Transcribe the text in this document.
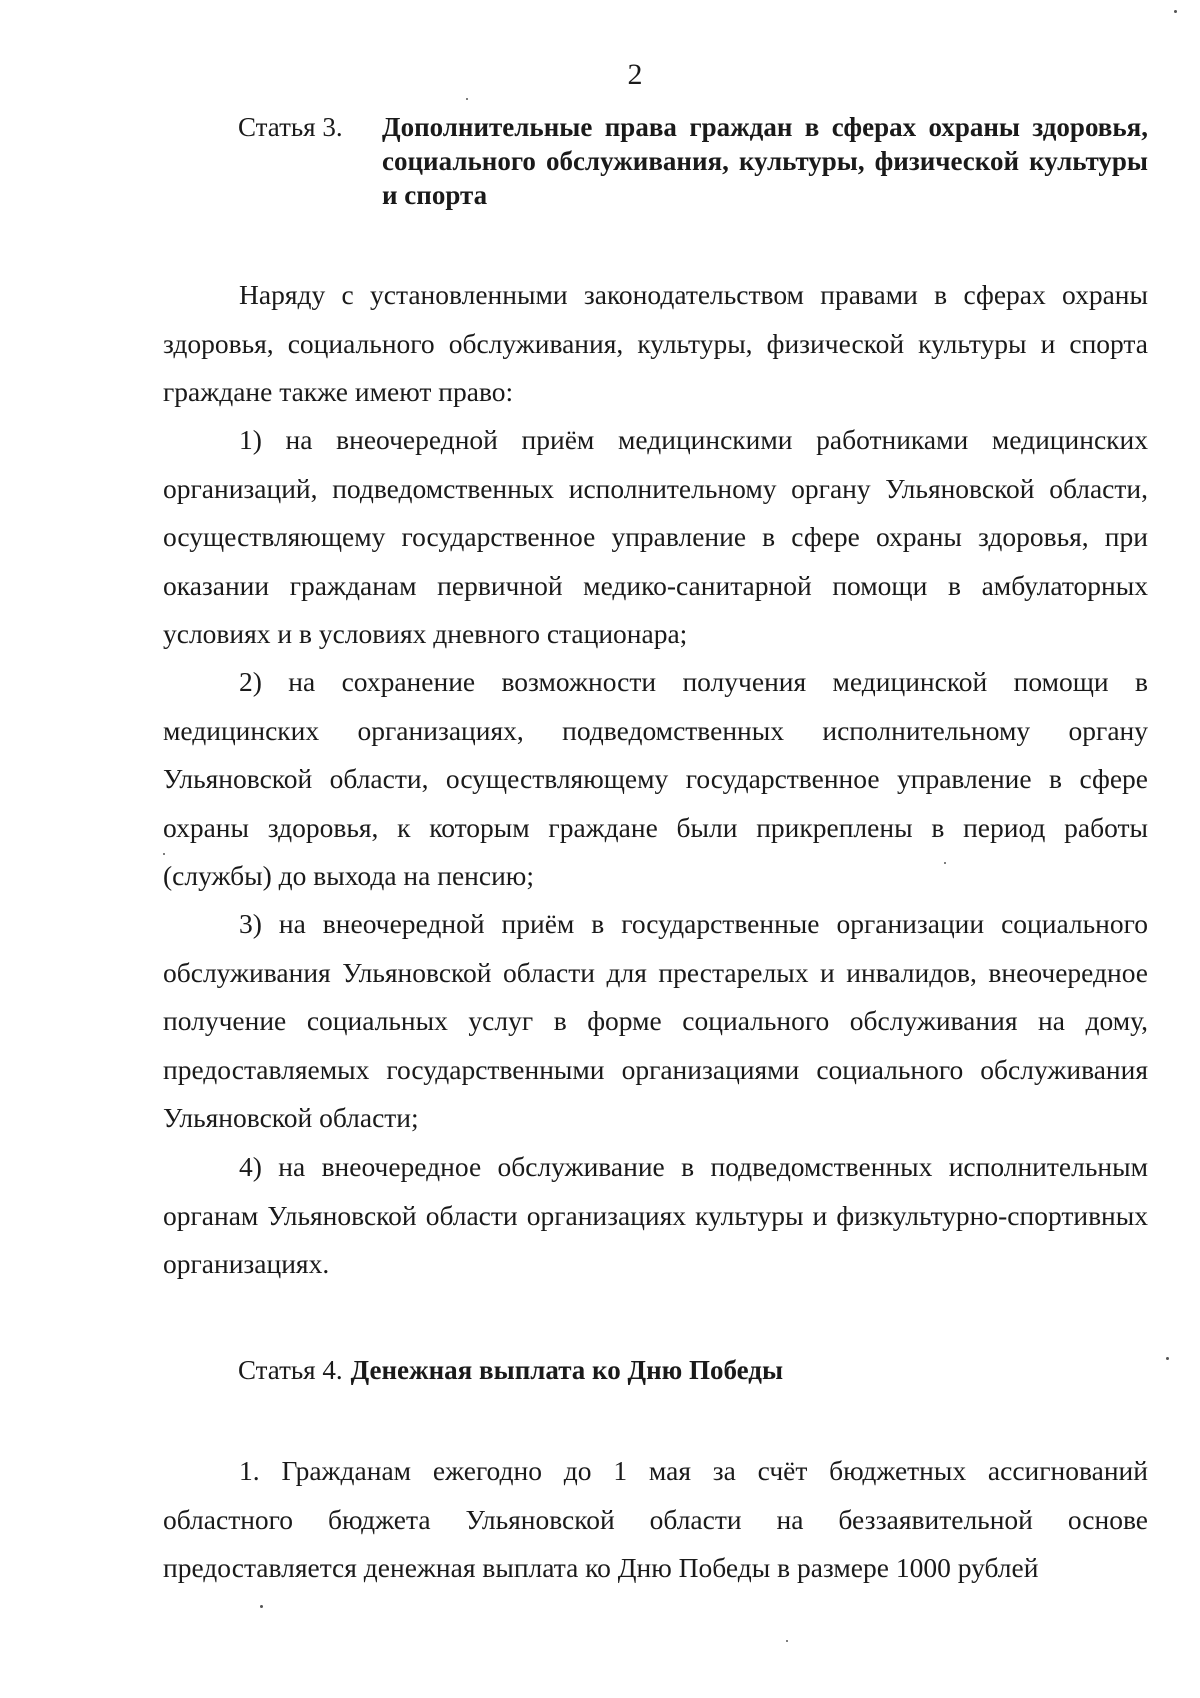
2
Статья 3.	Дополнительные права граждан в сферах охраны здоровья, социального обслуживания, культуры, физической культуры и спорта

Наряду с установленными законодательством правами в сферах охраны здоровья, социального обслуживания, культуры, физической культуры и спорта граждане также имеют право:

1) на внеочередной приём медицинскими работниками медицинских организаций, подведомственных исполнительному органу Ульяновской области, осуществляющему государственное управление в сфере охраны здоровья, при оказании гражданам первичной медико-санитарной помощи в амбулаторных условиях и в условиях дневного стационара;

2) на сохранение возможности получения медицинской помощи в медицинских организациях, подведомственных исполнительному органу Ульяновской области, осуществляющему государственное управление в сфере охраны здоровья, к которым граждане были прикреплены в период работы (службы) до выхода на пенсию;

3) на внеочередной приём в государственные организации социального обслуживания Ульяновской области для престарелых и инвалидов, внеочередное получение социальных услуг в форме социального обслуживания на дому, предоставляемых государственными организациями социального обслуживания Ульяновской области;

4) на внеочередное обслуживание в подведомственных исполнительным органам Ульяновской области организациях культуры и физкультурно-спортивных организациях.

Статья 4. Денежная выплата ко Дню Победы

1. Гражданам ежегодно до 1 мая за счёт бюджетных ассигнований областного бюджета Ульяновской области на беззаявительной основе предоставляется денежная выплата ко Дню Победы в размере 1000 рублей
